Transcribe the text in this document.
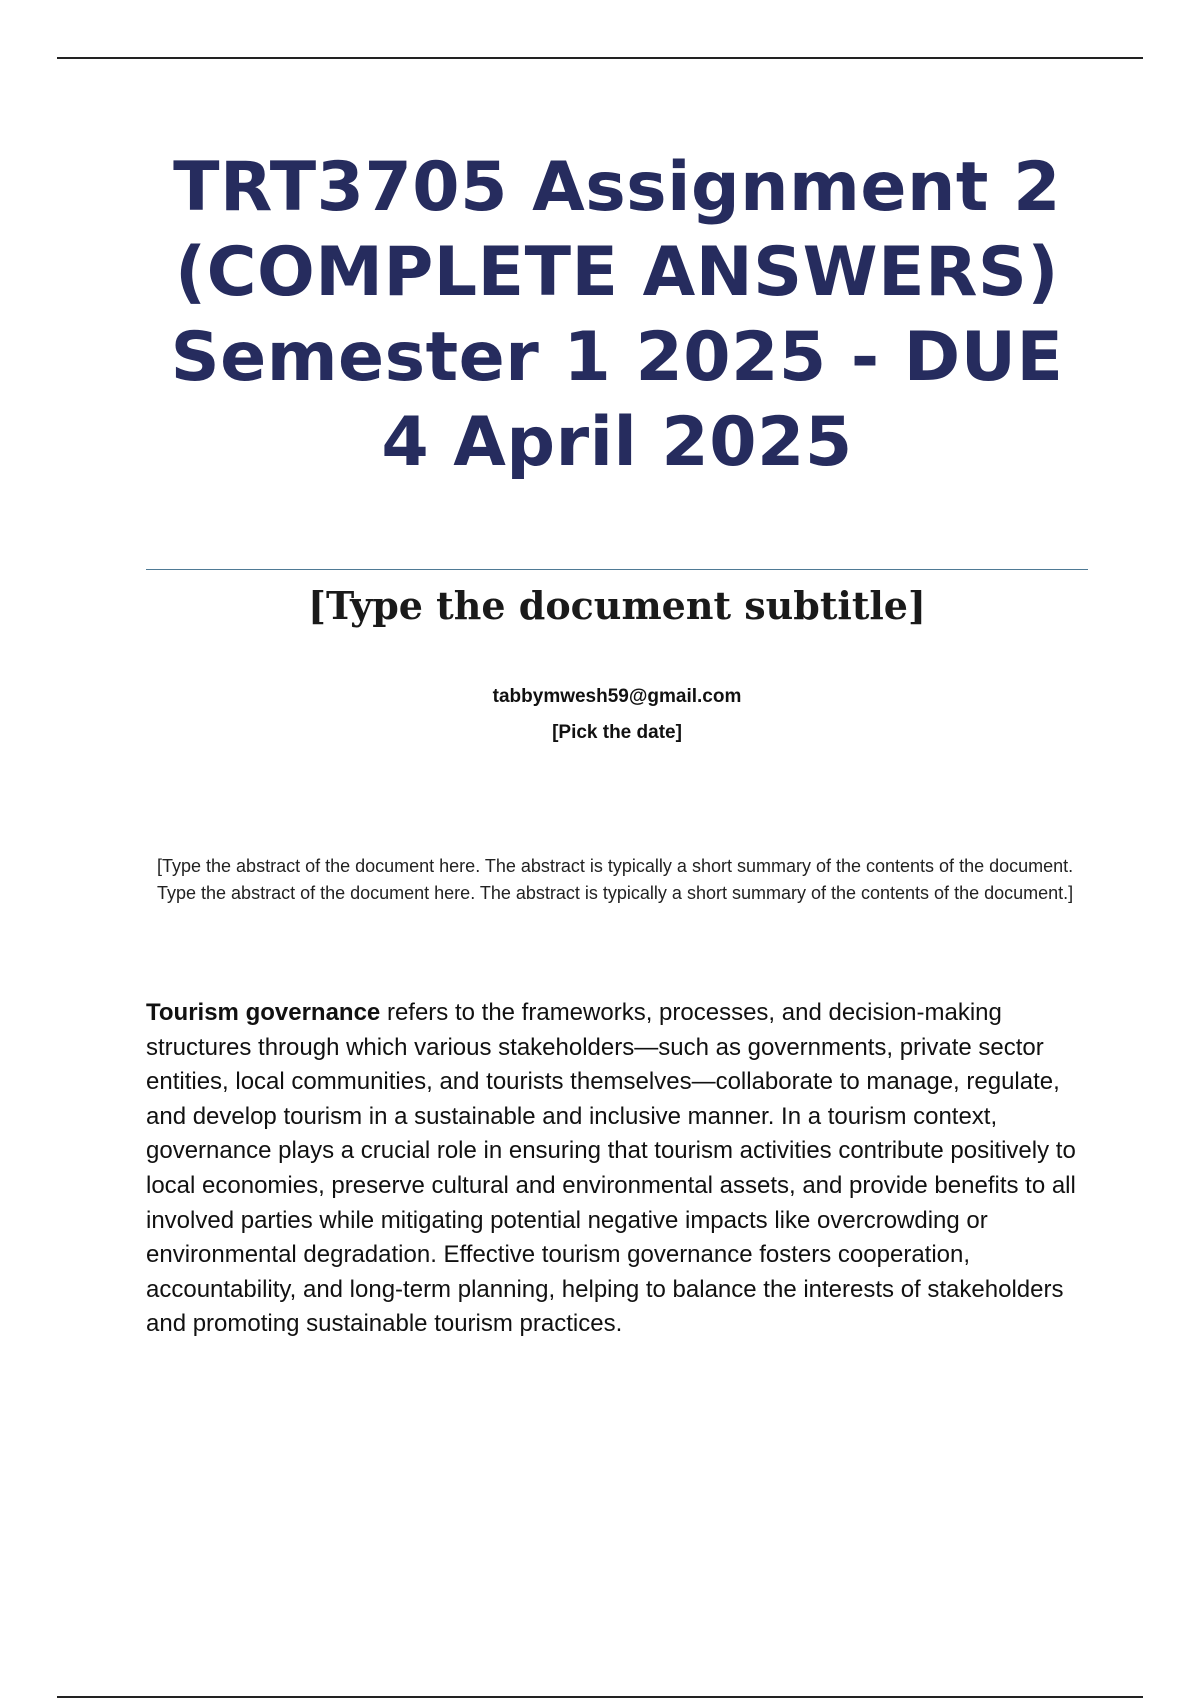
TRT3705 Assignment 2 (COMPLETE ANSWERS) Semester 1 2025 - DUE 4 April 2025
[Type the document subtitle]
tabbymwesh59@gmail.com
[Pick the date]

[Type the abstract of the document here. The abstract is typically a short summary of the contents of the document. Type the abstract of the document here. The abstract is typically a short summary of the contents of the document.]

Tourism governance refers to the frameworks, processes, and decision-making structures through which various stakeholders—such as governments, private sector entities, local communities, and tourists themselves—collaborate to manage, regulate, and develop tourism in a sustainable and inclusive manner. In a tourism context, governance plays a crucial role in ensuring that tourism activities contribute positively to local economies, preserve cultural and environmental assets, and provide benefits to all involved parties while mitigating potential negative impacts like overcrowding or environmental degradation. Effective tourism governance fosters cooperation, accountability, and long-term planning, helping to balance the interests of stakeholders and promoting sustainable tourism practices.
